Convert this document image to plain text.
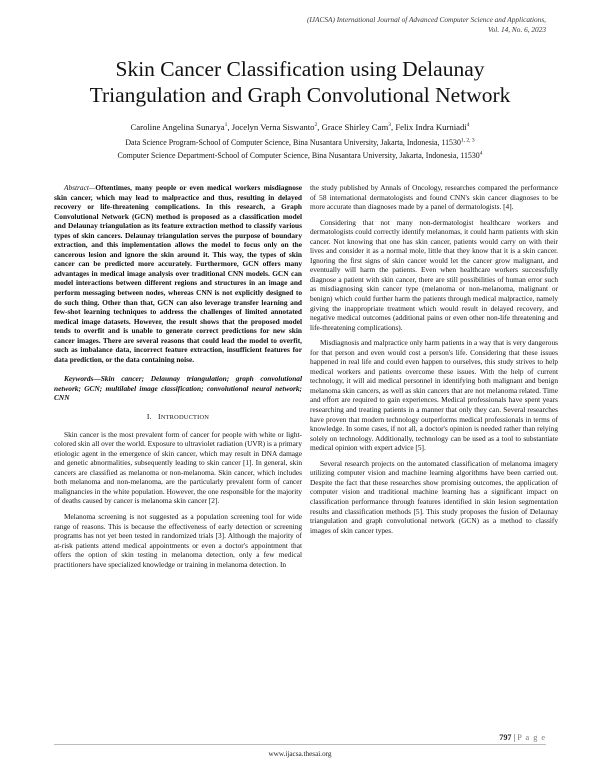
(IJACSA) International Journal of Advanced Computer Science and Applications,
Vol. 14, No. 6, 2023
Skin Cancer Classification using Delaunay
Triangulation and Graph Convolutional Network
Caroline Angelina Sunarya$^1$, Jocelyn Verna Siswanto$^2$, Grace Shirley Cam$^3$, Felix Indra Kurniadi$^4$
Data Science Program-School of Computer Science, Bina Nusantara University, Jakarta, Indonesia, 11530$^{1, 2, 3}$
Computer Science Department-School of Computer Science, Bina Nusantara University, Jakarta, Indonesia, 11530$^4$

Abstract—Oftentimes, many people or even medical workers misdiagnose skin cancer, which may lead to malpractice and thus, resulting in delayed recovery or life-threatening complications. In this research, a Graph Convolutional Network (GCN) method is proposed as a classification model and Delaunay triangulation as its feature extraction method to classify various types of skin cancers. Delaunay triangulation serves the purpose of boundary extraction, and this implementation allows the model to focus only on the cancerous lesion and ignore the skin around it. This way, the types of skin cancer can be predicted more accurately. Furthermore, GCN offers many advantages in medical image analysis over traditional CNN models. GCN can model interactions between different regions and structures in an image and perform messaging between nodes, whereas CNN is not explicitly designed to do such thing. Other than that, GCN can also leverage transfer learning and few-shot learning techniques to address the challenges of limited annotated medical image datasets. However, the result shows that the proposed model tends to overfit and is unable to generate correct predictions for new skin cancer images. There are several reasons that could lead the model to overfit, such as imbalance data, incorrect feature extraction, insufficient features for data prediction, or the data containing noise.

Keywords—Skin cancer; Delaunay triangulation; graph convolutional network; GCN; multilabel image classification; convolutional neural network; CNN

I. INTRODUCTION

Skin cancer is the most prevalent form of cancer for people with white or light-colored skin all over the world. Exposure to ultraviolet radiation (UVR) is a primary etiologic agent in the emergence of skin cancer, which may result in DNA damage and genetic abnormalities, subsequently leading to skin cancer [1]. In general, skin cancers are classified as melanoma or non-melanoma. Skin cancer, which includes both melanoma and non-melanoma, are the particularly prevalent form of cancer malignancies in the white population. However, the one responsible for the majority of deaths caused by cancer is melanoma skin cancer [2].

Melanoma screening is not suggested as a population screening tool for wide range of reasons. This is because the effectiveness of early detection or screening programs has not yet been tested in randomized trials [3]. Although the majority of at-risk patients attend medical appointments or even a doctor's appointment that offers the option of skin testing in melanoma detection, only a few medical practitioners have specialized knowledge or training in melanoma detection. In

the study published by Annals of Oncology, researches compared the performance of 58 international dermatologists and found CNN's skin cancer diagnoses to be more accurate than diagnoses made by a panel of dermatologists. [4].

Considering that not many non-dermatologist healthcare workers and dermatologists could correctly identify melanomas, it could harm patients with skin cancer. Not knowing that one has skin cancer, patients would carry on with their lives and consider it as a normal mole, little that they know that it is a skin cancer. Ignoring the first signs of skin cancer would let the cancer grow malignant, and eventually will harm the patients. Even when healthcare workers successfully diagnose a patient with skin cancer, there are still possibilities of human error such as misdiagnosing skin cancer type (melanoma or non-melanoma, malignant or benign) which could further harm the patients through medical malpractice, namely giving the inappropriate treatment which would result in delayed recovery, and negative medical outcomes (additional pains or even other non-life threatening and life-threatening complications).

Misdiagnosis and malpractice only harm patients in a way that is very dangerous for that person and even would cost a person's life. Considering that these issues happened in real life and could even happen to ourselves, this study strives to help medical workers and patients overcome these issues. With the help of current technology, it will aid medical personnel in identifying both malignant and benign melanoma skin cancers, as well as skin cancers that are not melanoma related. Time and effort are required to gain experiences. Medical professionals have spent years researching and treating patients in a manner that only they can. Several researches have proven that modern technology outperforms medical professionals in terms of knowledge. In some cases, if not all, a doctor's opinion is needed rather than relying solely on technology. Additionally, technology can be used as a tool to substantiate medical opinion with expert advice [5].

Several research projects on the automated classification of melanoma imagery utilizing computer vision and machine learning algorithms have been carried out. Despite the fact that these researches show promising outcomes, the application of computer vision and traditional machine learning has a significant impact on classification performance through features identified in skin lesion segmentation results and classification methods [5]. This study proposes the fusion of Delaunay triangulation and graph convolutional network (GCN) as a method to classify images of skin cancer types.

797 | P a g e
www.ijacsa.thesai.org
